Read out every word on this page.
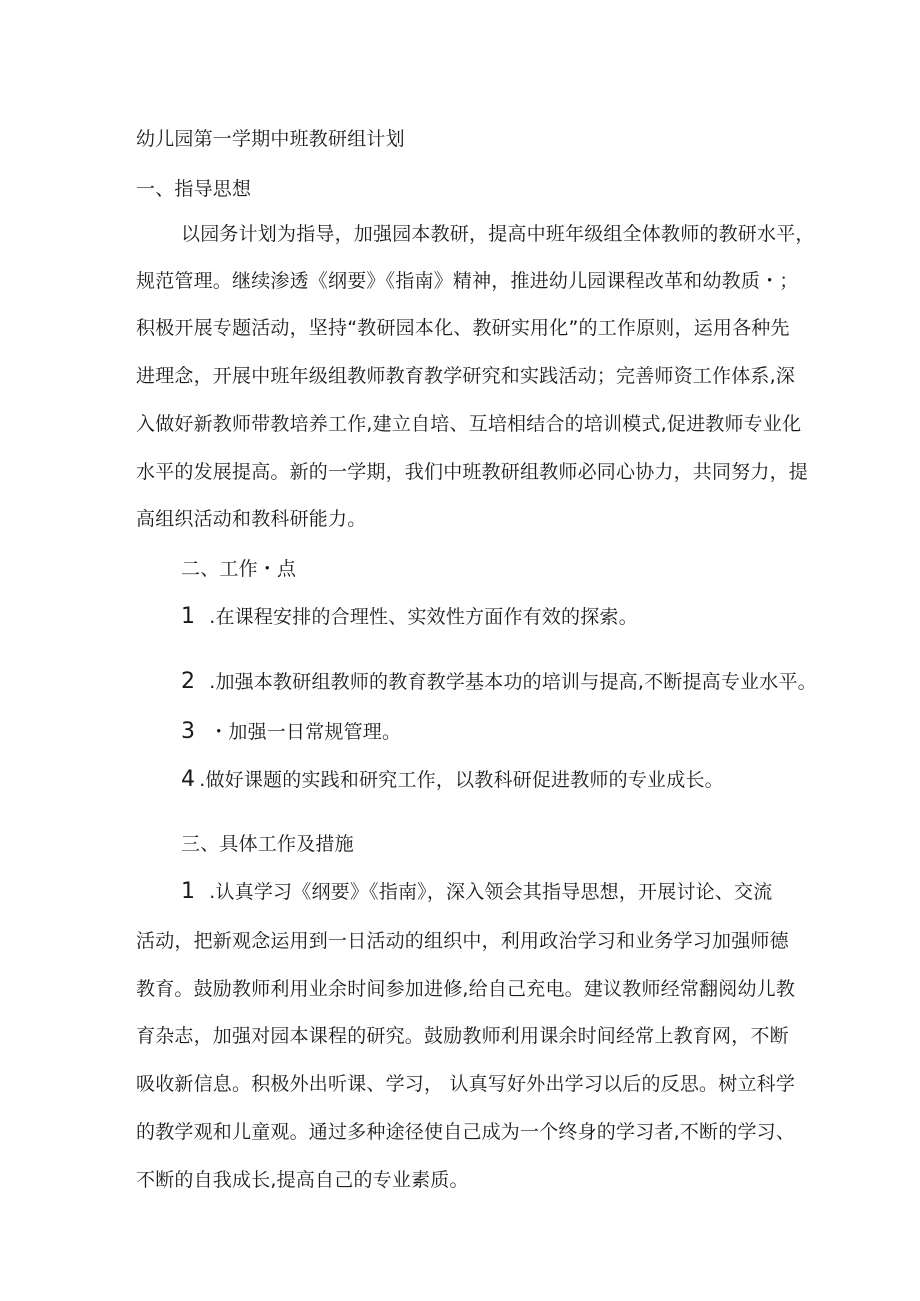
幼儿园第一学期中班教研组计划
一、指导思想
以园务计划为指导，加强园本教研，提高中班年级组全体教师的教研水平，
规范管理。继续渗透《纲要》《指南》精神，推进幼儿园课程改革和幼教质・；
积极开展专题活动，坚持“教研园本化、教研实用化”的工作原则，运用各种先
进理念，开展中班年级组教师教育教学研究和实践活动；完善师资工作体系,深
入做好新教师带教培养工作,建立自培、互培相结合的培训模式,促进教师专业化
水平的发展提高。新的一学期，我们中班教研组教师必同心协力，共同努力，提
高组织活动和教科研能力。
二、工作・点
1 .在课程安排的合理性、实效性方面作有效的探索。
2 .加强本教研组教师的教育教学基本功的培训与提高,不断提高专业水平。
3 ・加强一日常规管理。
4 .做好课题的实践和研究工作，以教科研促进教师的专业成长。
三、具体工作及措施
1 .认真学习《纲要》《指南》，深入领会其指导思想，开展讨论、交流
活动，把新观念运用到一日活动的组织中，利用政治学习和业务学习加强师德
教育。鼓励教师利用业余时间参加进修,给自己充电。建议教师经常翻阅幼儿教
育杂志，加强对园本课程的研究。鼓励教师利用课余时间经常上教育网，不断
吸收新信息。积极外出听课、学习， 认真写好外出学习以后的反思。树立科学
的教学观和儿童观。通过多种途径使自己成为一个终身的学习者,不断的学习、
不断的自我成长,提高自己的专业素质。
